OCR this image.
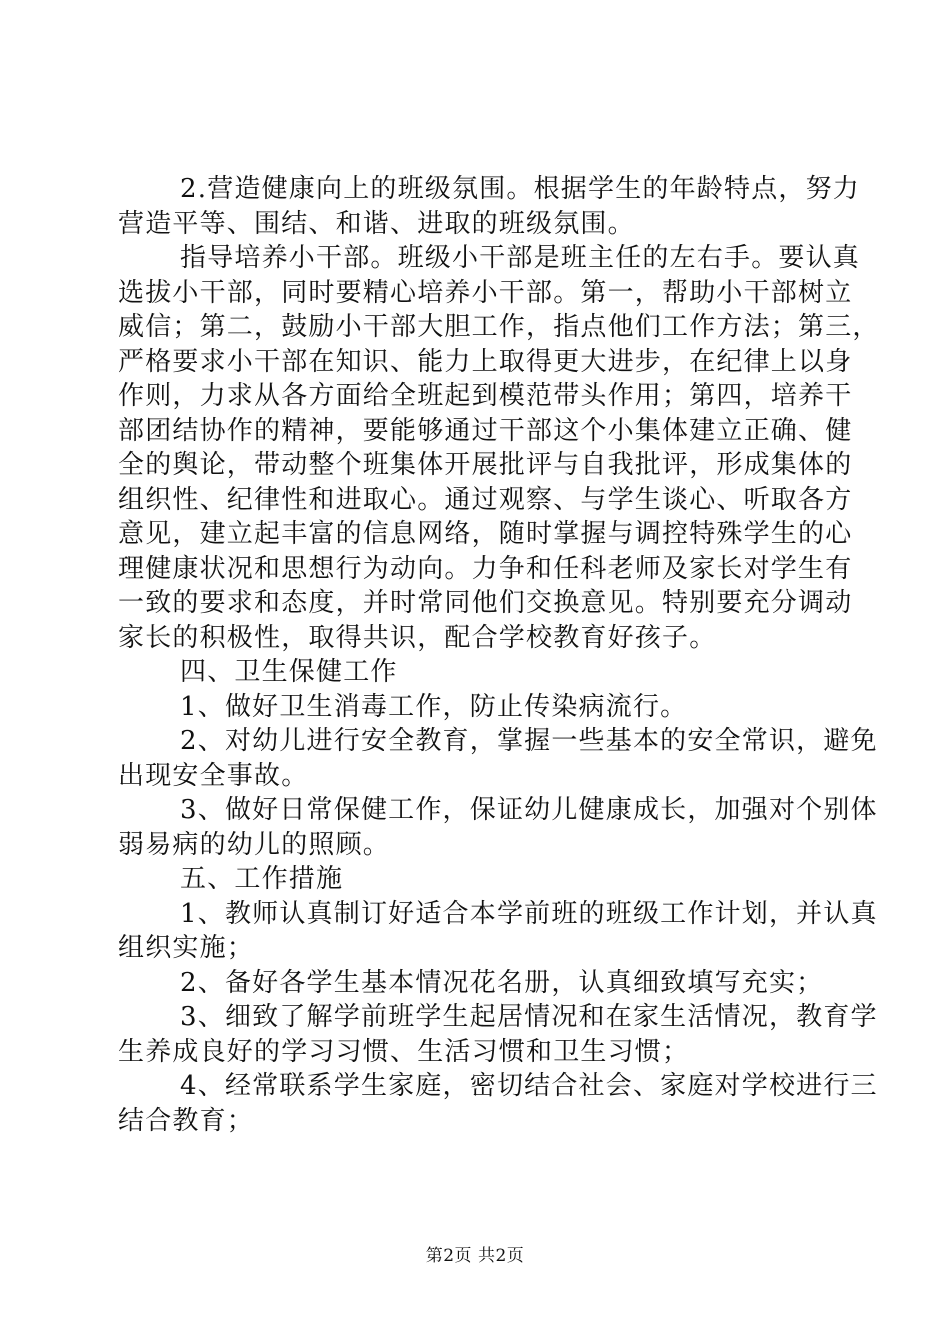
2.营造健康向上的班级氛围。根据学生的年龄特点，努力
营造平等、围结、和谐、进取的班级氛围。
指导培养小干部。班级小干部是班主任的左右手。要认真
选拔小干部，同时要精心培养小干部。第一，帮助小干部树立
威信；第二，鼓励小干部大胆工作，指点他们工作方法；第三，
严格要求小干部在知识、能力上取得更大进步，在纪律上以身
作则，力求从各方面给全班起到模范带头作用；第四，培养干
部团结协作的精神，要能够通过干部这个小集体建立正确、健
全的舆论，带动整个班集体开展批评与自我批评，形成集体的
组织性、纪律性和进取心。通过观察、与学生谈心、听取各方
意见，建立起丰富的信息网络，随时掌握与调控特殊学生的心
理健康状况和思想行为动向。力争和任科老师及家长对学生有
一致的要求和态度，并时常同他们交换意见。特别要充分调动
家长的积极性，取得共识，配合学校教育好孩子。
四、卫生保健工作
1、做好卫生消毒工作，防止传染病流行。
2、对幼儿进行安全教育，掌握一些基本的安全常识，避免
出现安全事故。
3、做好日常保健工作，保证幼儿健康成长，加强对个别体
弱易病的幼儿的照顾。
五、工作措施
1、教师认真制订好适合本学前班的班级工作计划，并认真
组织实施；
2、备好各学生基本情况花名册，认真细致填写充实；
3、细致了解学前班学生起居情况和在家生活情况，教育学
生养成良好的学习习惯、生活习惯和卫生习惯；
4、经常联系学生家庭，密切结合社会、家庭对学校进行三
结合教育；
第2页 共2页
